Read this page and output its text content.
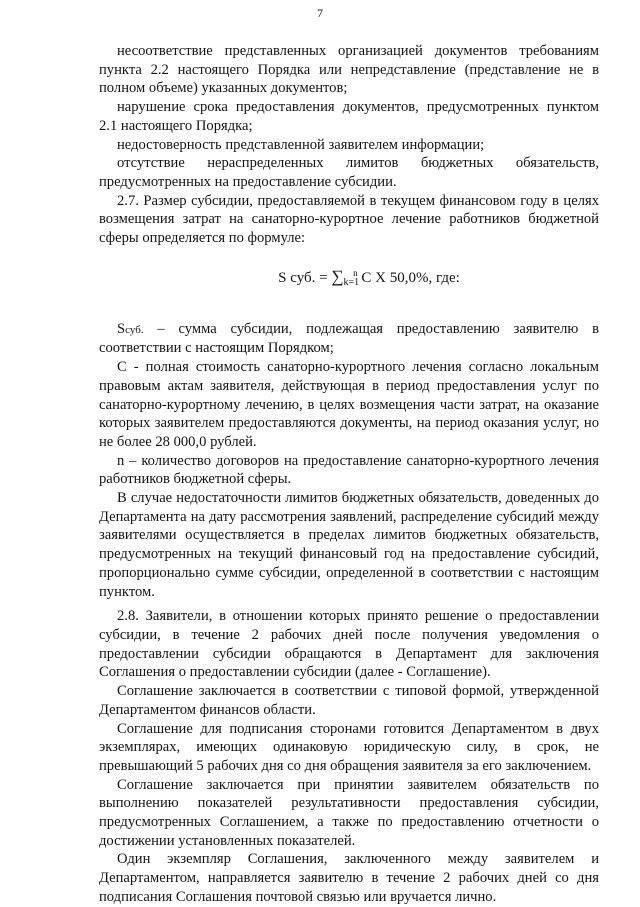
7

несоответствие представленных организацией документов требованиям пункта 2.2 настоящего Порядка или непредставление (представление не в полном объеме) указанных документов;

нарушение срока предоставления документов, предусмотренных пунктом 2.1 настоящего Порядка;

недостоверность представленной заявителем информации;

отсутствие нераспределенных лимитов бюджетных обязательств, предусмотренных на предоставление субсидии.

2.7. Размер субсидии, предоставляемой в текущем финансовом году в целях возмещения затрат на санаторно-курортное лечение работников бюджетной сферы определяется по формуле:

S суб. = $\sum_{k=1}^n$ C X 50,0%, где:

Sсуб. – сумма субсидии, подлежащая предоставлению заявителю в соответствии с настоящим Порядком;

С - полная стоимость санаторно-курортного лечения согласно локальным правовым актам заявителя, действующая в период предоставления услуг по санаторно-курортному лечению, в целях возмещения части затрат, на оказание которых заявителем предоставляются документы, на период оказания услуг, но не более 28 000,0 рублей.

n – количество договоров на предоставление санаторно-курортного лечения работников бюджетной сферы.

В случае недостаточности лимитов бюджетных обязательств, доведенных до Департамента на дату рассмотрения заявлений, распределение субсидий между заявителями осуществляется в пределах лимитов бюджетных обязательств, предусмотренных на текущий финансовый год на предоставление субсидий, пропорционально сумме субсидии, определенной в соответствии с настоящим пунктом.

2.8. Заявители, в отношении которых принято решение о предоставлении субсидии, в течение 2 рабочих дней после получения уведомления о предоставлении субсидии обращаются в Департамент для заключения Соглашения о предоставлении субсидии (далее - Соглашение).

Соглашение заключается в соответствии с типовой формой, утвержденной Департаментом финансов области.

Соглашение для подписания сторонами готовится Департаментом в двух экземплярах, имеющих одинаковую юридическую силу, в срок, не превышающий 5 рабочих дня со дня обращения заявителя за его заключением.

Соглашение заключается при принятии заявителем обязательств по выполнению показателей результативности предоставления субсидии, предусмотренных Соглашением, а также по предоставлению отчетности о достижении установленных показателей.

Один экземпляр Соглашения, заключенного между заявителем и Департаментом, направляется заявителю в течение 2 рабочих дней со дня подписания Соглашения почтовой связью или вручается лично.
